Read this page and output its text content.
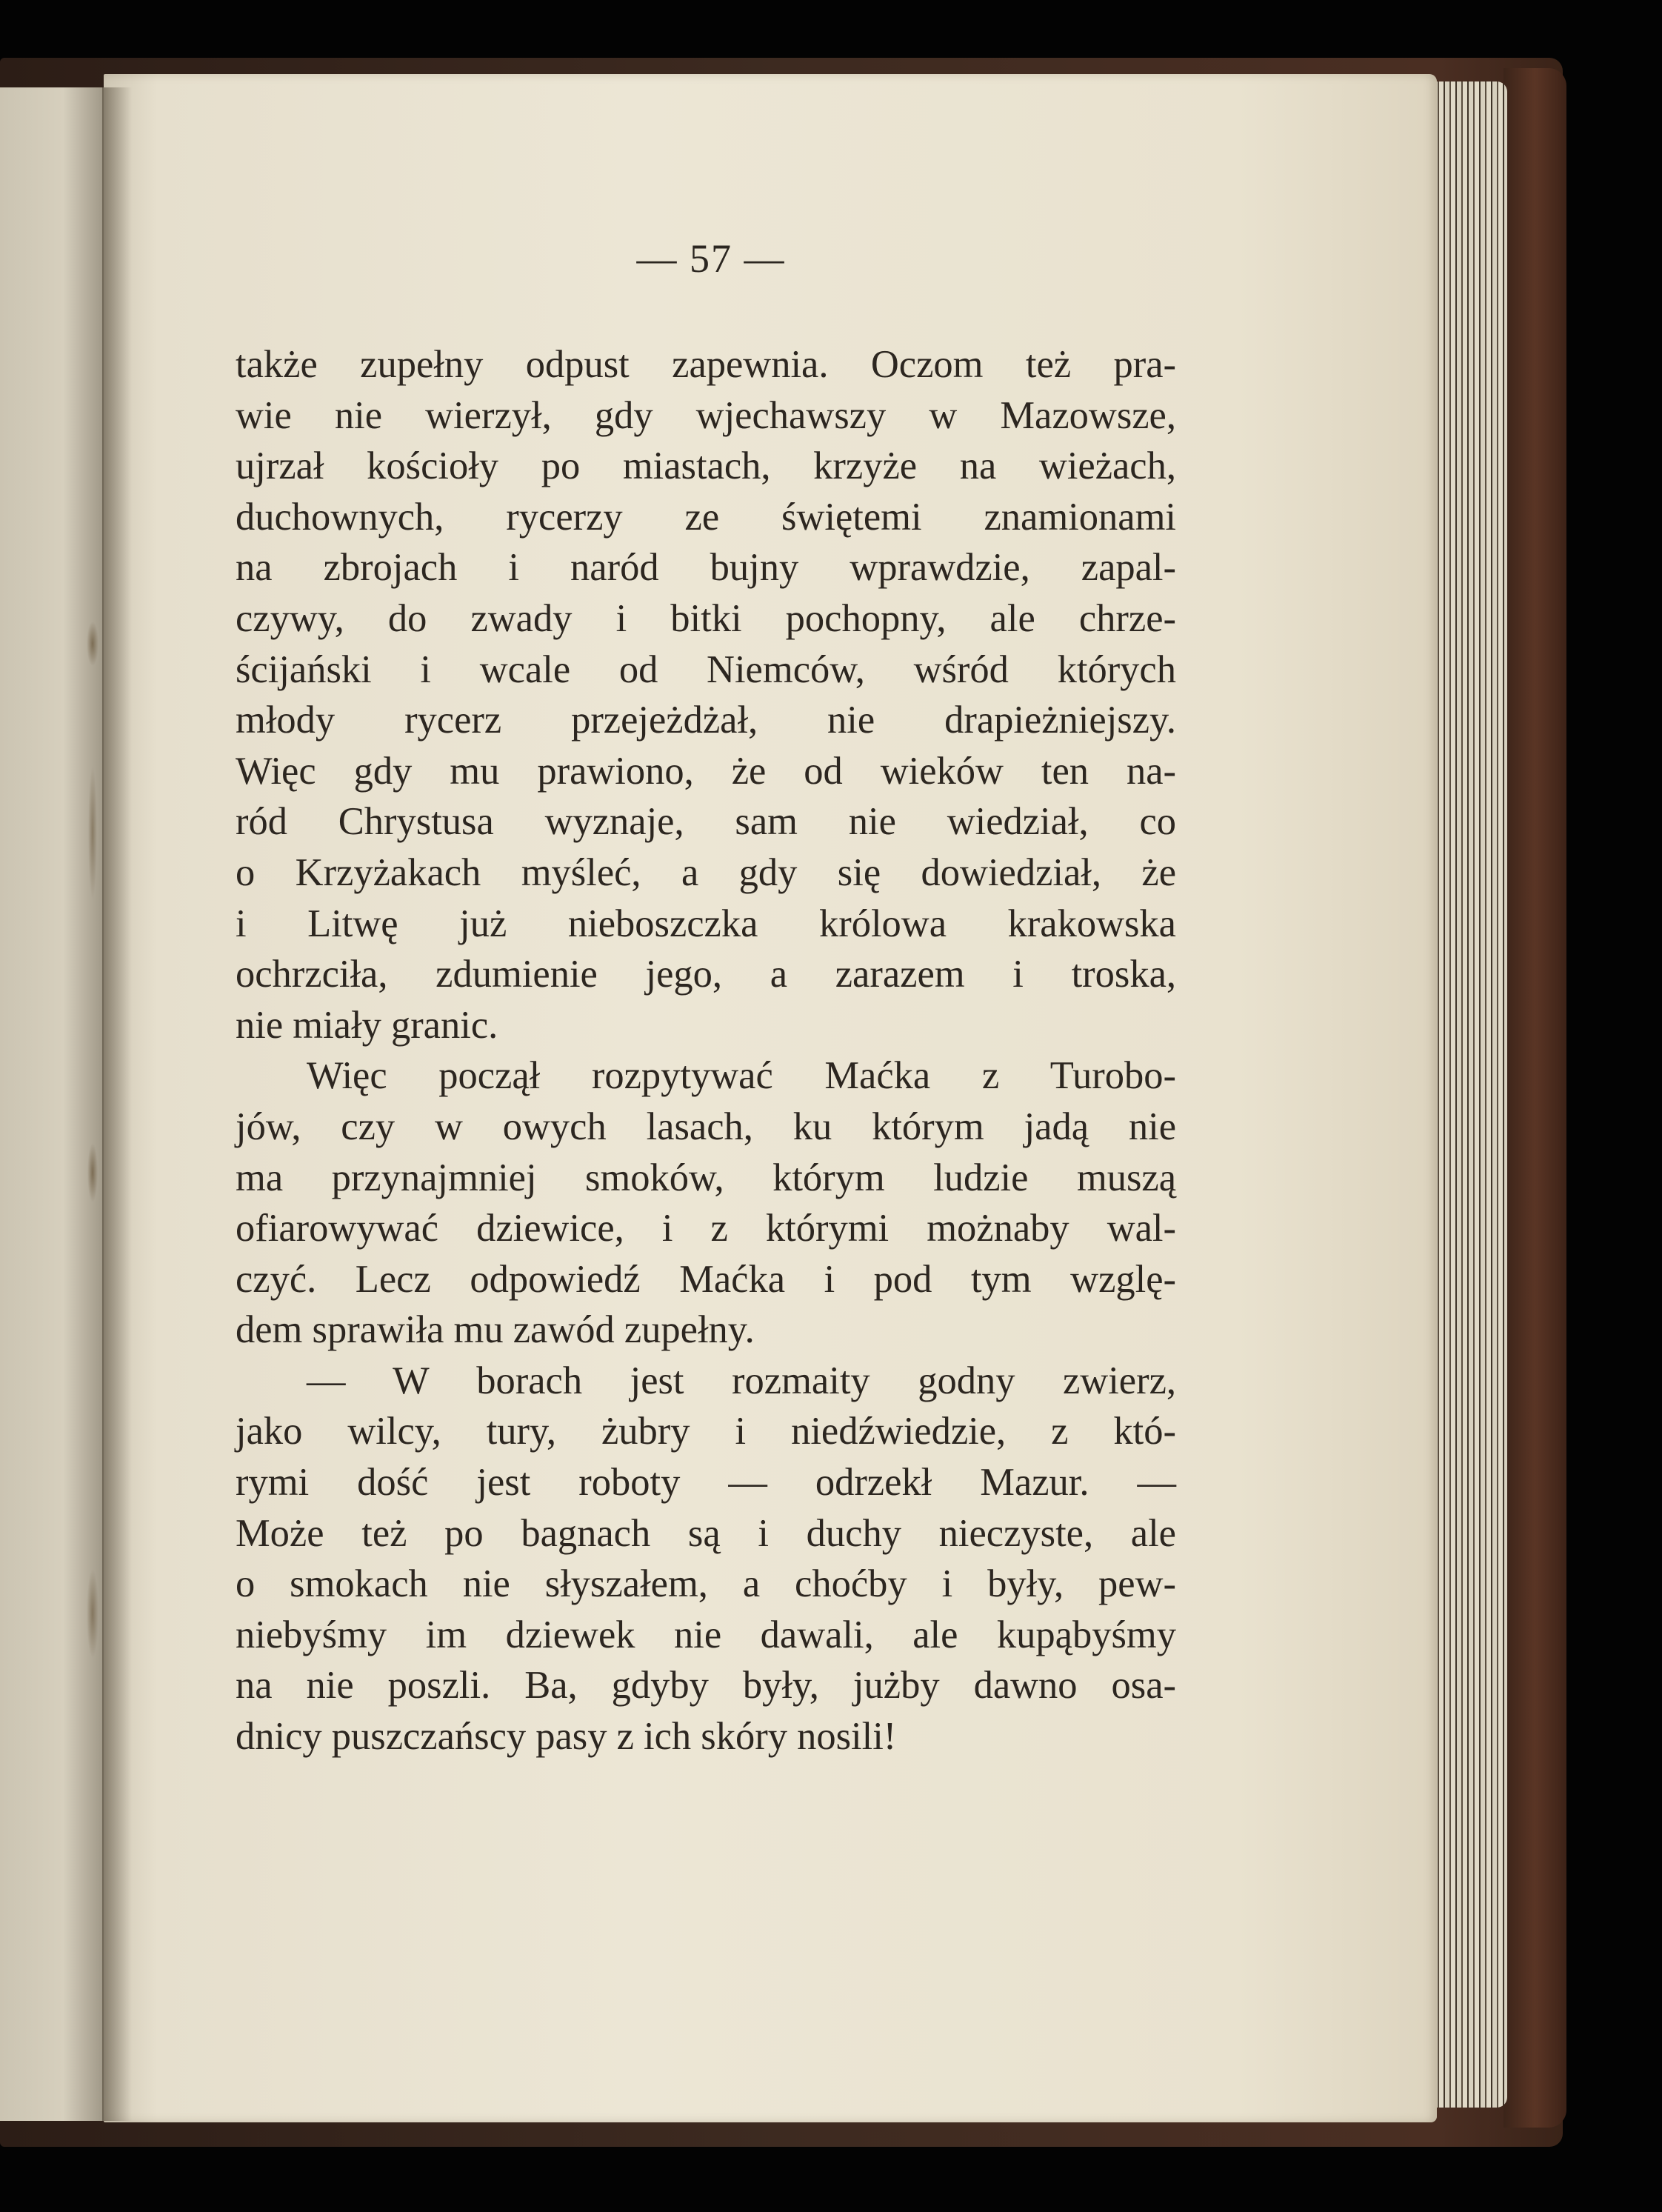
— 57 —
także zupełny odpust zapewnia. Oczom też pra-
wie nie wierzył, gdy wjechawszy w Mazowsze,
ujrzał kościoły po miastach, krzyże na wieżach,
duchownych, rycerzy ze świętemi znamionami
na zbrojach i naród bujny wprawdzie, zapal-
czywy, do zwady i bitki pochopny, ale chrze-
ścijański i wcale od Niemców, wśród których
młody rycerz przejeżdżał, nie drapieżniejszy.
Więc gdy mu prawiono, że od wieków ten na-
ród Chrystusa wyznaje, sam nie wiedział, co
o Krzyżakach myśleć, a gdy się dowiedział, że
i Litwę już nieboszczka królowa krakowska
ochrzciła, zdumienie jego, a zarazem i troska,
nie miały granic.
Więc począł rozpytywać Maćka z Turobo-
jów, czy w owych lasach, ku którym jadą nie
ma przynajmniej smoków, którym ludzie muszą
ofiarowywać dziewice, i z którymi możnaby wal-
czyć. Lecz odpowiedź Maćka i pod tym wzglę-
dem sprawiła mu zawód zupełny.
— W borach jest rozmaity godny zwierz,
jako wilcy, tury, żubry i niedźwiedzie, z któ-
rymi dość jest roboty — odrzekł Mazur. —
Może też po bagnach są i duchy nieczyste, ale
o smokach nie słyszałem, a choćby i były, pew-
niebyśmy im dziewek nie dawali, ale kupąbyśmy
na nie poszli. Ba, gdyby były, jużby dawno osa-
dnicy puszczańscy pasy z ich skóry nosili!
